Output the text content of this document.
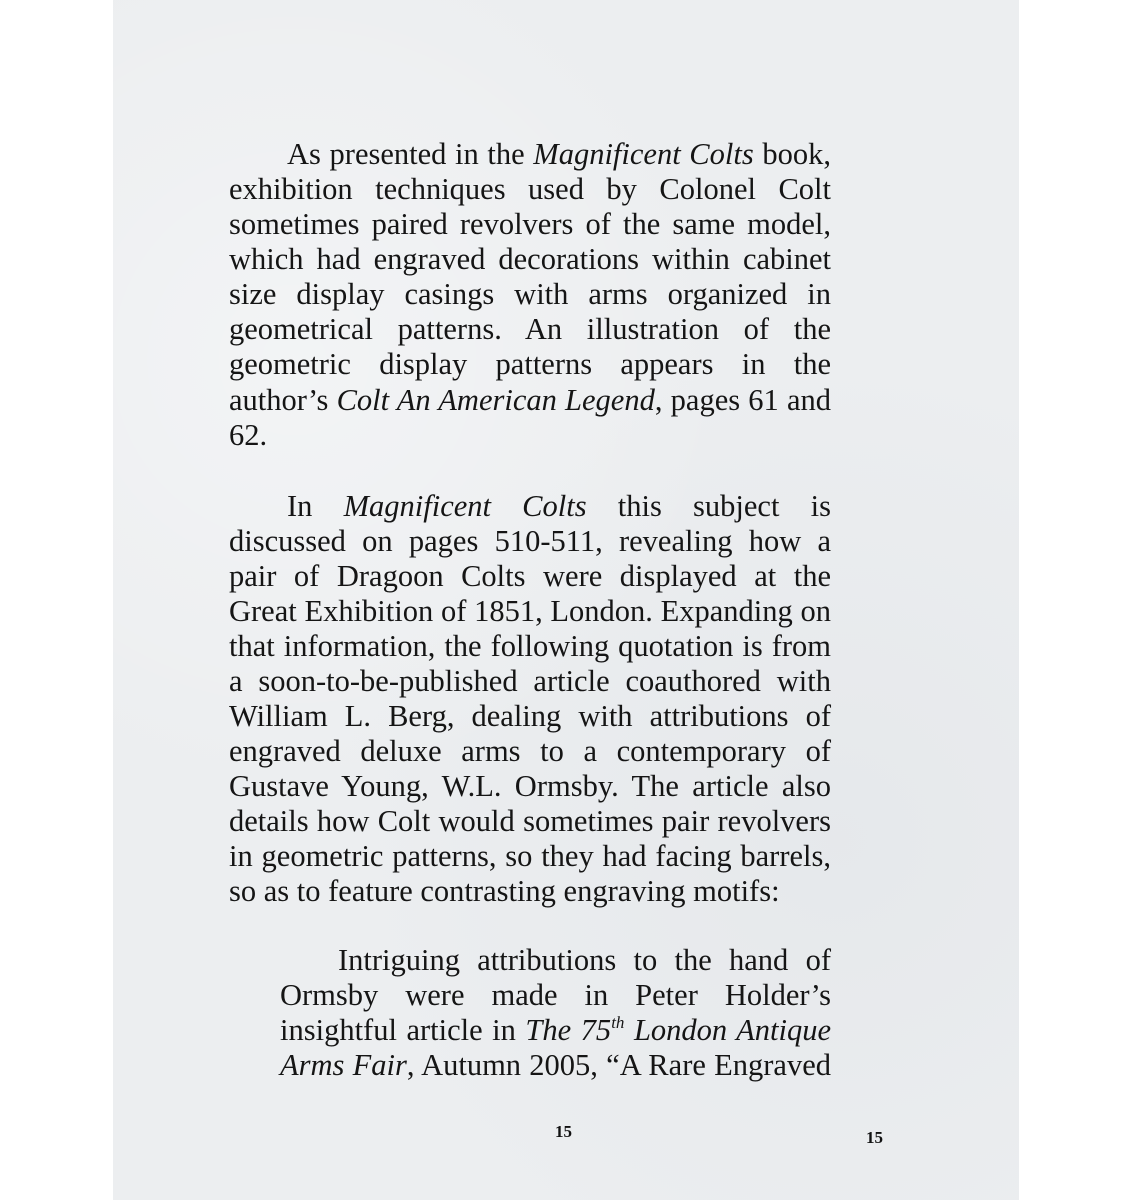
As presented in the Magnificent Colts book,
exhibition techniques used by Colonel Colt
sometimes paired revolvers of the same model,
which had engraved decorations within cabinet
size display casings with arms organized in
geometrical patterns. An illustration of the
geometric display patterns appears in the
author’s Colt An American Legend, pages 61 and
62.
In Magnificent Colts this subject is
discussed on pages 510-511, revealing how a
pair of Dragoon Colts were displayed at the
Great Exhibition of 1851, London. Expanding on
that information, the following quotation is from
a soon-to-be-published article coauthored with
William L. Berg, dealing with attributions of
engraved deluxe arms to a contemporary of
Gustave Young, W.L. Ormsby. The article also
details how Colt would sometimes pair revolvers
in geometric patterns, so they had facing barrels,
so as to feature contrasting engraving motifs:
Intriguing attributions to the hand of
Ormsby were made in Peter Holder’s
insightful article in The 75th London Antique
Arms Fair, Autumn 2005, “A Rare Engraved
15	15
